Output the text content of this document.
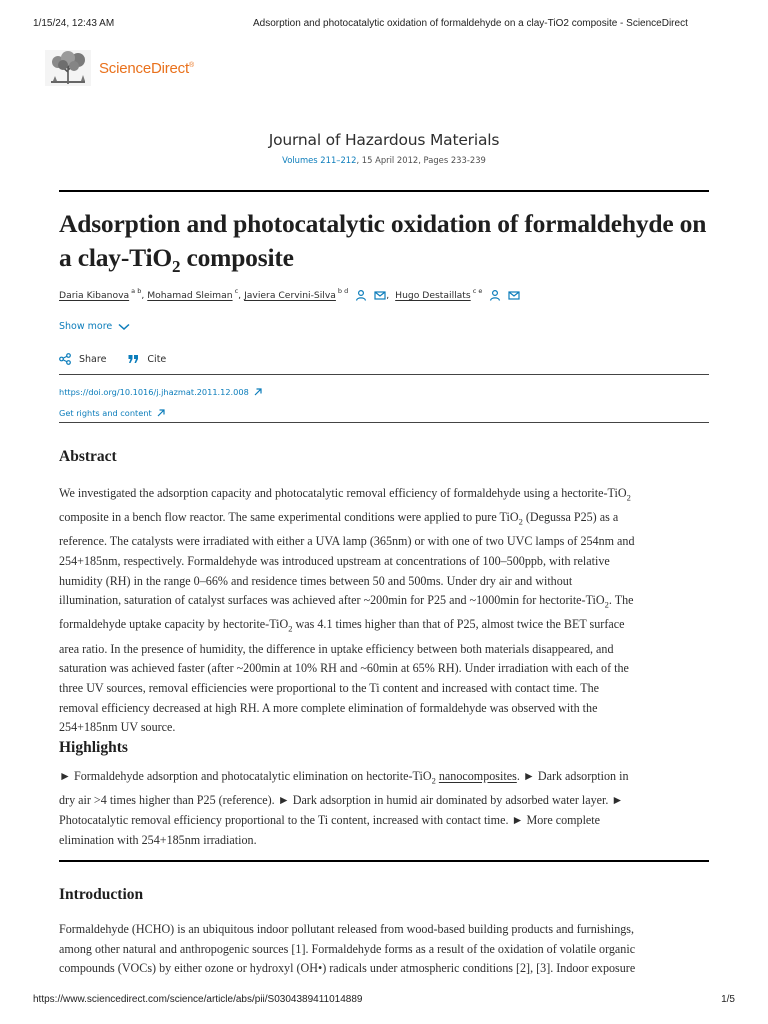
1/15/24, 12:43 AM	Adsorption and photocatalytic oxidation of formaldehyde on a clay-TiO2 composite - ScienceDirect
ScienceDirect®
Journal of Hazardous Materials
Volumes 211–212, 15 April 2012, Pages 233-239
Adsorption and photocatalytic oxidation of formaldehyde on a clay-TiO$_2$ composite
Daria Kibanova $^{a b}$ , Mohamad Sleiman $^c$ , Javiera Cervini-Silva $^{b d}$	, Hugo Destaillats $^{c e}$
Show more
Share	Cite
https://doi.org/10.1016/j.jhazmat.2011.12.008
Get rights and content
Abstract
We investigated the adsorption capacity and photocatalytic removal efficiency of formaldehyde using a hectorite-TiO$_2$
composite in a bench flow reactor. The same experimental conditions were applied to pure TiO$_2$ (Degussa P25) as a
reference. The catalysts were irradiated with either a UVA lamp (365nm) or with one of two UVC lamps of 254nm and
254+185nm, respectively. Formaldehyde was introduced upstream at concentrations of 100–500ppb, with relative
humidity (RH) in the range 0–66% and residence times between 50 and 500ms. Under dry air and without
illumination, saturation of catalyst surfaces was achieved after ~200min for P25 and ~1000min for hectorite-TiO$_2$. The
formaldehyde uptake capacity by hectorite-TiO$_2$ was 4.1 times higher than that of P25, almost twice the BET surface
area ratio. In the presence of humidity, the difference in uptake efficiency between both materials disappeared, and
saturation was achieved faster (after ~200min at 10% RH and ~60min at 65% RH). Under irradiation with each of the
three UV sources, removal efficiencies were proportional to the Ti content and increased with contact time. The
removal efficiency decreased at high RH. A more complete elimination of formaldehyde was observed with the
254+185nm UV source.
Highlights
► Formaldehyde adsorption and photocatalytic elimination on hectorite-TiO$_2$ nanocomposites. ► Dark adsorption in
dry air >4 times higher than P25 (reference). ► Dark adsorption in humid air dominated by adsorbed water layer. ►
Photocatalytic removal efficiency proportional to the Ti content, increased with contact time. ► More complete
elimination with 254+185nm irradiation.
Introduction
Formaldehyde (HCHO) is an ubiquitous indoor pollutant released from wood-based building products and furnishings,
among other natural and anthropogenic sources [1]. Formaldehyde forms as a result of the oxidation of volatile organic
compounds (VOCs) by either ozone or hydroxyl (OH•) radicals under atmospheric conditions [2], [3]. Indoor exposure
https://www.sciencedirect.com/science/article/abs/pii/S0304389411014889	1/5
